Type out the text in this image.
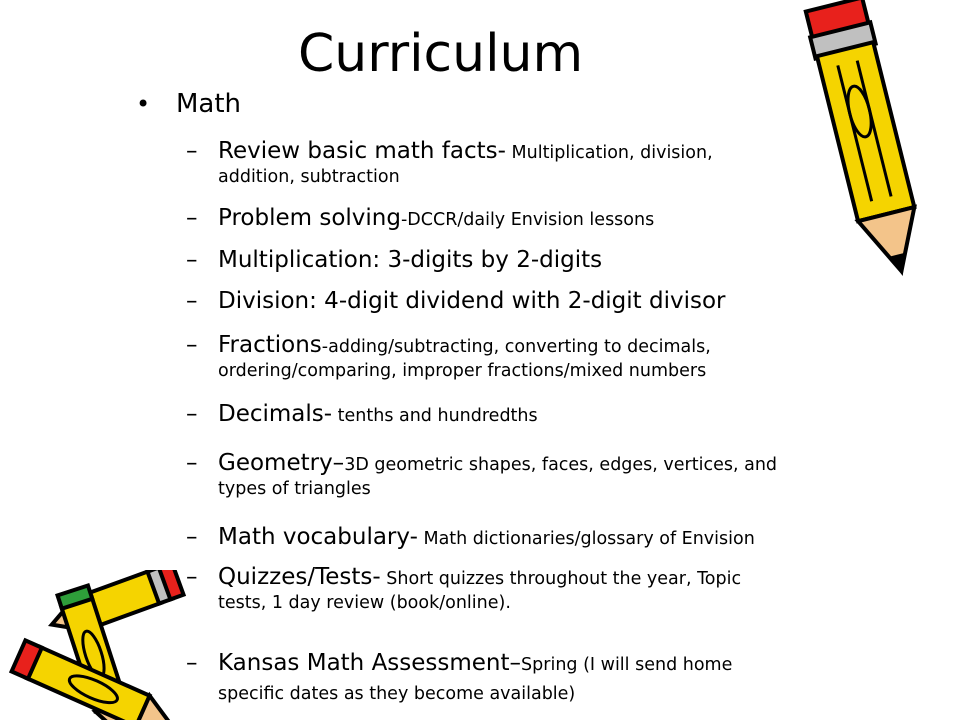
Curriculum
• Math
– Review basic math facts- Multiplication, division,
addition, subtraction
– Problem solving-DCCR/daily Envision lessons
– Multiplication: 3-digits by 2-digits
– Division: 4-digit dividend with 2-digit divisor
– Fractions-adding/subtracting, converting to decimals,
ordering/comparing, improper fractions/mixed numbers
– Decimals- tenths and hundredths
– Geometry–3D geometric shapes, faces, edges, vertices, and
types of triangles
– Math vocabulary- Math dictionaries/glossary of Envision
– Quizzes/Tests- Short quizzes throughout the year, Topic
tests, 1 day review (book/online).
– Kansas Math Assessment–Spring (I will send home
specific dates as they become available)
